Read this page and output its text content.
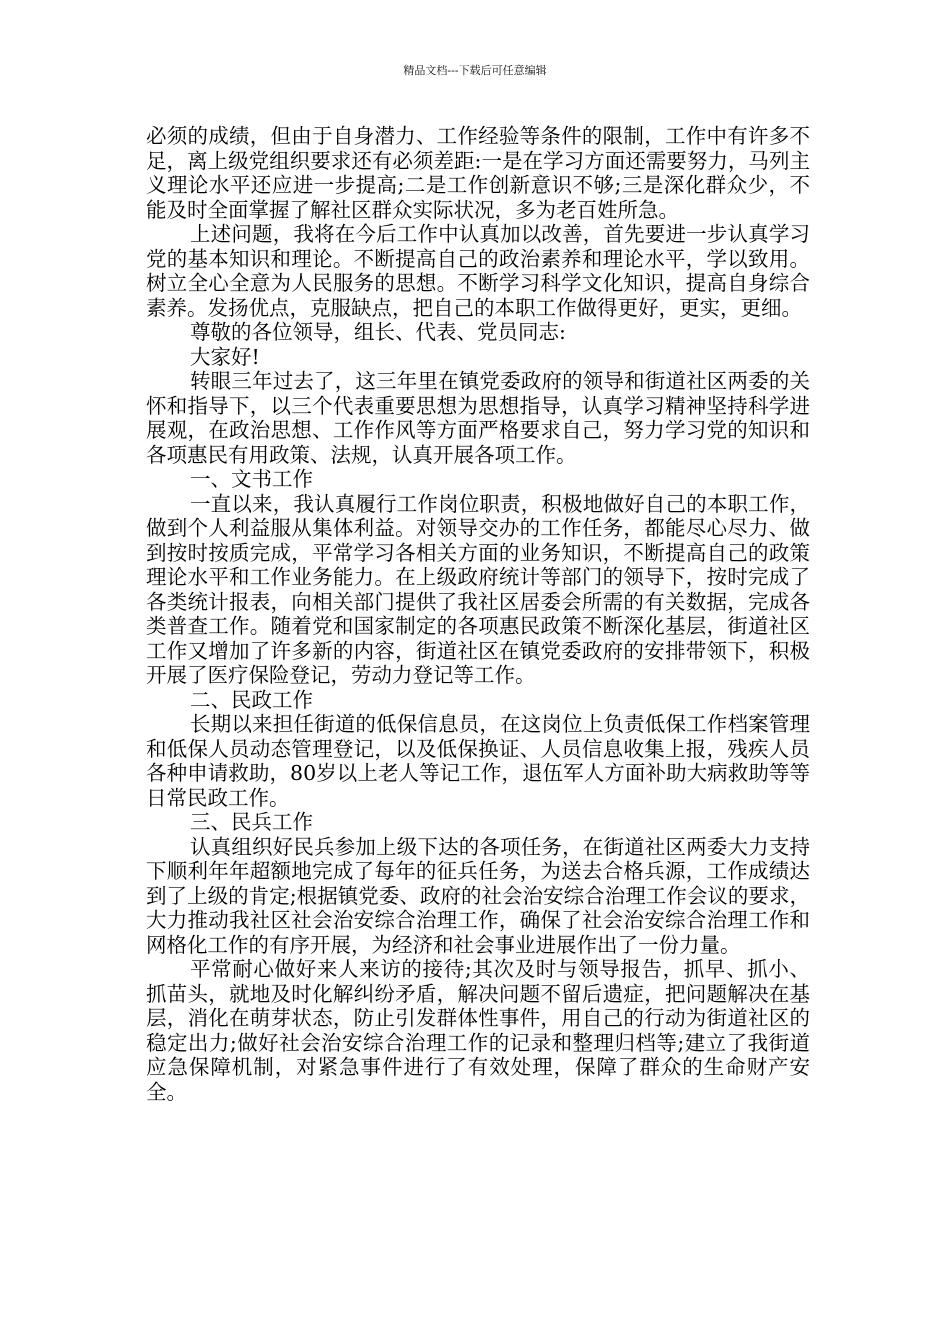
精品文档---下载后可任意编辑

必须的成绩，但由于自身潜力、工作经验等条件的限制，工作中有许多不足，离上级党组织要求还有必须差距:一是在学习方面还需要努力，马列主义理论水平还应进一步提高;二是工作创新意识不够;三是深化群众少，不能及时全面掌握了解社区群众实际状况，多为老百姓所急。

上述问题，我将在今后工作中认真加以改善，首先要进一步认真学习党的基本知识和理论。不断提高自己的政治素养和理论水平，学以致用。树立全心全意为人民服务的思想。不断学习科学文化知识，提高自身综合素养。发扬优点，克服缺点，把自己的本职工作做得更好，更实，更细。

尊敬的各位领导，组长、代表、党员同志:

大家好!

转眼三年过去了，这三年里在镇党委政府的领导和街道社区两委的关怀和指导下，以三个代表重要思想为思想指导，认真学习精神坚持科学进展观，在政治思想、工作作风等方面严格要求自己，努力学习党的知识和各项惠民有用政策、法规，认真开展各项工作。

一、文书工作

一直以来，我认真履行工作岗位职责，积极地做好自己的本职工作，做到个人利益服从集体利益。对领导交办的工作任务，都能尽心尽力、做到按时按质完成，平常学习各相关方面的业务知识，不断提高自己的政策理论水平和工作业务能力。在上级政府统计等部门的领导下，按时完成了各类统计报表，向相关部门提供了我社区居委会所需的有关数据，完成各类普查工作。随着党和国家制定的各项惠民政策不断深化基层，街道社区工作又增加了许多新的内容，街道社区在镇党委政府的安排带领下，积极开展了医疗保险登记，劳动力登记等工作。

二、民政工作

长期以来担任街道的低保信息员，在这岗位上负责低保工作档案管理和低保人员动态管理登记，以及低保换证、人员信息收集上报，残疾人员各种申请救助，80岁以上老人等记工作，退伍军人方面补助大病救助等等日常民政工作。

三、民兵工作

认真组织好民兵参加上级下达的各项任务，在街道社区两委大力支持下顺利年年超额地完成了每年的征兵任务，为送去合格兵源，工作成绩达到了上级的肯定;根据镇党委、政府的社会治安综合治理工作会议的要求，大力推动我社区社会治安综合治理工作，确保了社会治安综合治理工作和网格化工作的有序开展，为经济和社会事业进展作出了一份力量。

平常耐心做好来人来访的接待;其次及时与领导报告，抓早、抓小、抓苗头，就地及时化解纠纷矛盾，解决问题不留后遗症，把问题解决在基层，消化在萌芽状态，防止引发群体性事件，用自己的行动为街道社区的稳定出力;做好社会治安综合治理工作的记录和整理归档等;建立了我街道应急保障机制，对紧急事件进行了有效处理，保障了群众的生命财产安全。
